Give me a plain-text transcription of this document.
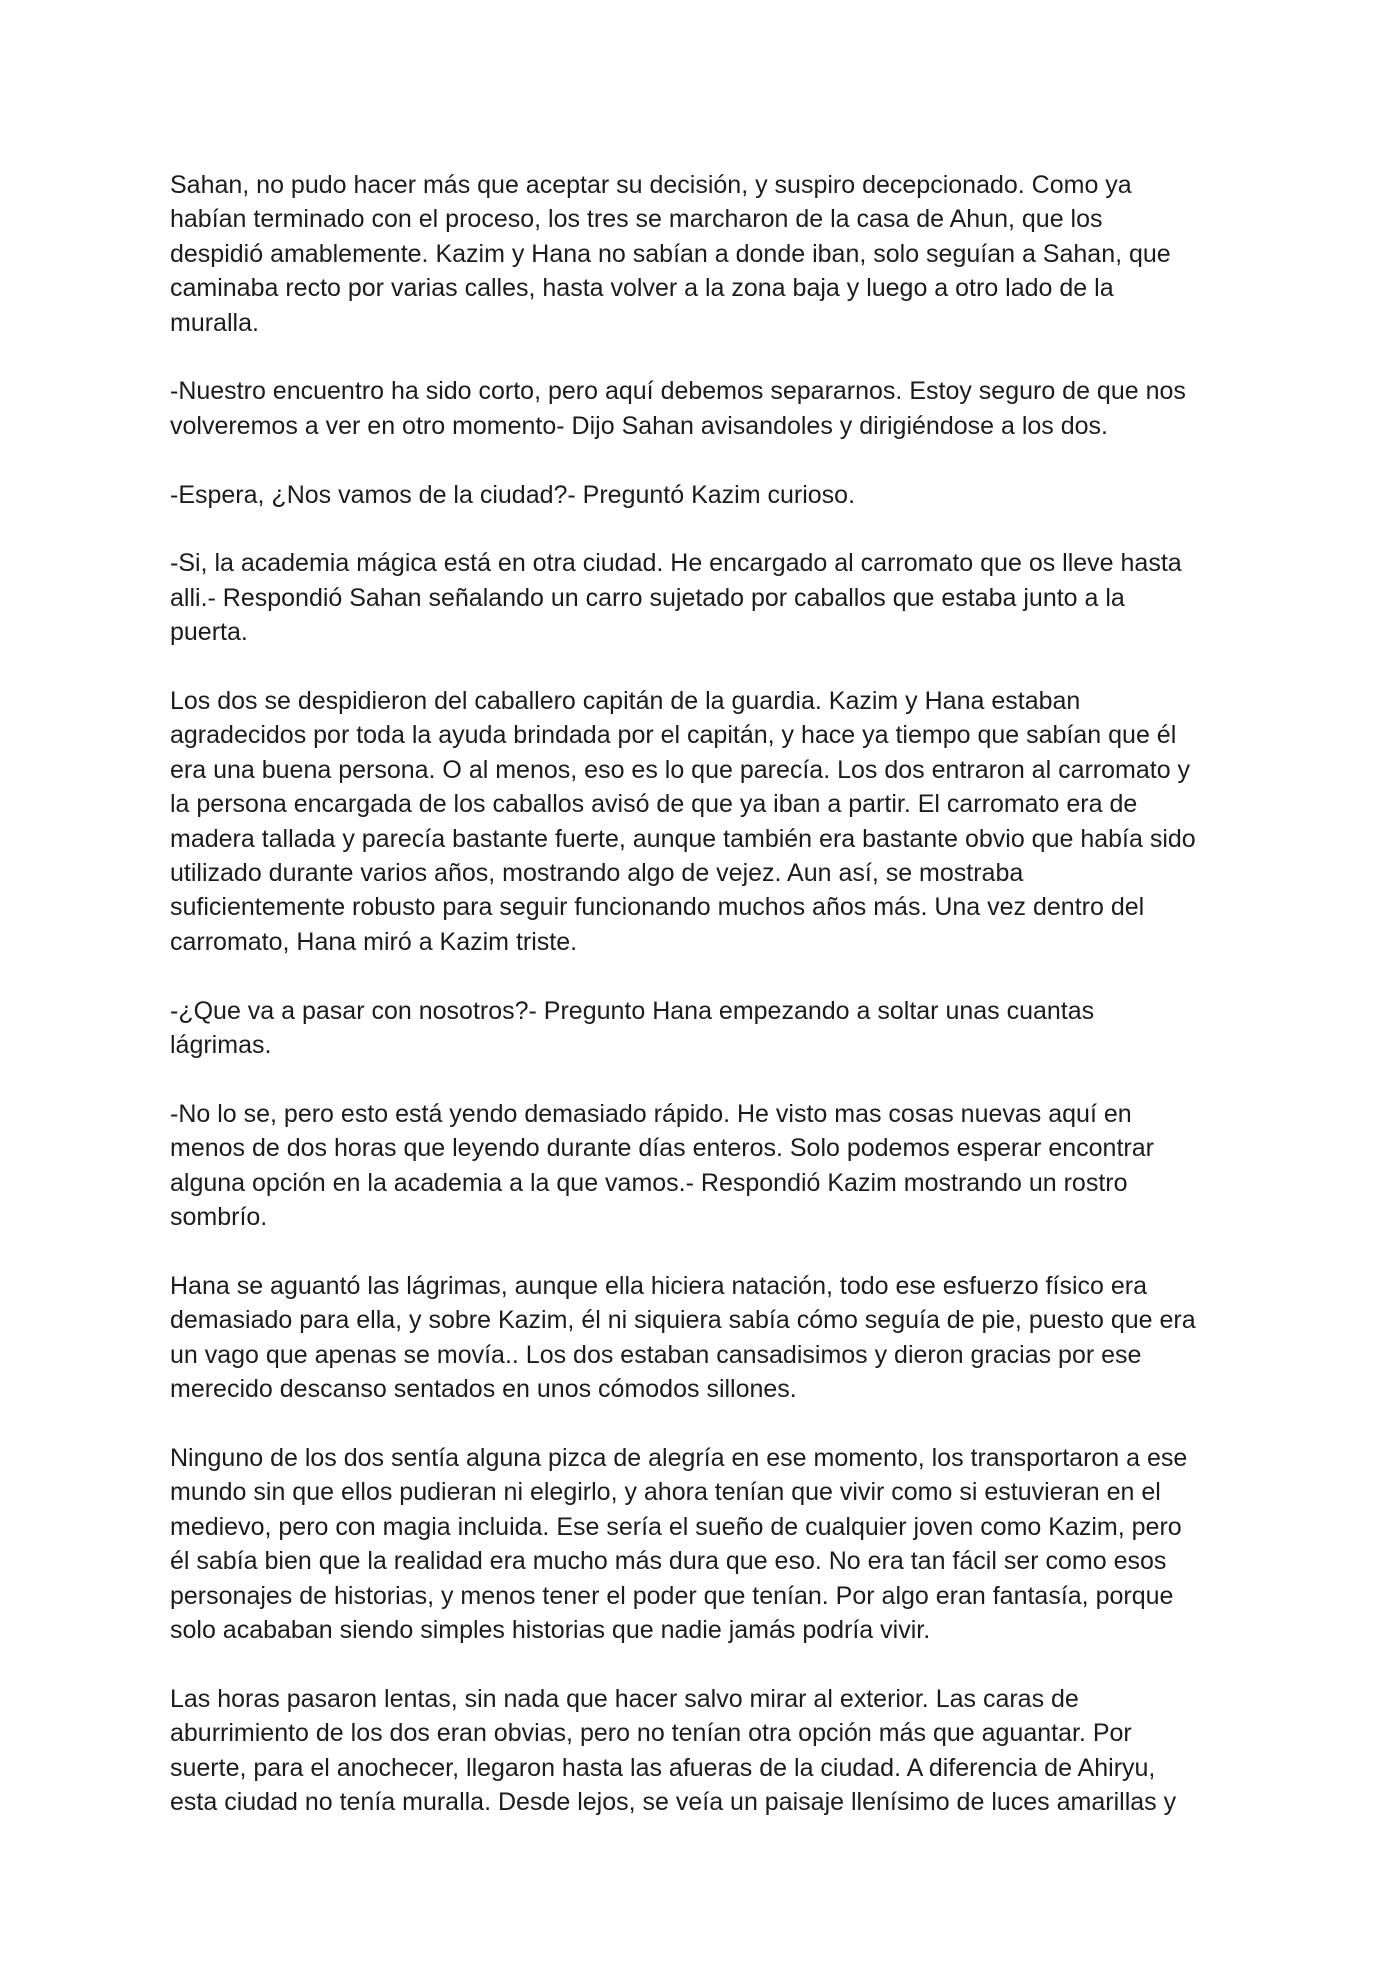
Sahan, no pudo hacer más que aceptar su decisión, y suspiro decepcionado. Como ya
habían terminado con el proceso, los tres se marcharon de la casa de Ahun, que los
despidió amablemente. Kazim y Hana no sabían a donde iban, solo seguían a Sahan, que
caminaba recto por varias calles, hasta volver a la zona baja y luego a otro lado de la
muralla.

-Nuestro encuentro ha sido corto, pero aquí debemos separarnos. Estoy seguro de que nos
volveremos a ver en otro momento- Dijo Sahan avisandoles y dirigiéndose a los dos.

-Espera, ¿Nos vamos de la ciudad?- Preguntó Kazim curioso.

-Si, la academia mágica está en otra ciudad. He encargado al carromato que os lleve hasta
alli.- Respondió Sahan señalando un carro sujetado por caballos que estaba junto a la
puerta.

Los dos se despidieron del caballero capitán de la guardia. Kazim y Hana estaban
agradecidos por toda la ayuda brindada por el capitán, y hace ya tiempo que sabían que él
era una buena persona. O al menos, eso es lo que parecía. Los dos entraron al carromato y
la persona encargada de los caballos avisó de que ya iban a partir. El carromato era de
madera tallada y parecía bastante fuerte, aunque también era bastante obvio que había sido
utilizado durante varios años, mostrando algo de vejez. Aun así, se mostraba
suficientemente robusto para seguir funcionando muchos años más. Una vez dentro del
carromato, Hana miró a Kazim triste.

-¿Que va a pasar con nosotros?- Pregunto Hana empezando a soltar unas cuantas
lágrimas.

-No lo se, pero esto está yendo demasiado rápido. He visto mas cosas nuevas aquí en
menos de dos horas que leyendo durante días enteros. Solo podemos esperar encontrar
alguna opción en la academia a la que vamos.- Respondió Kazim mostrando un rostro
sombrío.

Hana se aguantó las lágrimas, aunque ella hiciera natación, todo ese esfuerzo físico era
demasiado para ella, y sobre Kazim, él ni siquiera sabía cómo seguía de pie, puesto que era
un vago que apenas se movía.. Los dos estaban cansadisimos y dieron gracias por ese
merecido descanso sentados en unos cómodos sillones.

Ninguno de los dos sentía alguna pizca de alegría en ese momento, los transportaron a ese
mundo sin que ellos pudieran ni elegirlo, y ahora tenían que vivir como si estuvieran en el
medievo, pero con magia incluida. Ese sería el sueño de cualquier joven como Kazim, pero
él sabía bien que la realidad era mucho más dura que eso. No era tan fácil ser como esos
personajes de historias, y menos tener el poder que tenían. Por algo eran fantasía, porque
solo acababan siendo simples historias que nadie jamás podría vivir.

Las horas pasaron lentas, sin nada que hacer salvo mirar al exterior. Las caras de
aburrimiento de los dos eran obvias, pero no tenían otra opción más que aguantar. Por
suerte, para el anochecer, llegaron hasta las afueras de la ciudad. A diferencia de Ahiryu,
esta ciudad no tenía muralla. Desde lejos, se veía un paisaje llenísimo de luces amarillas y
